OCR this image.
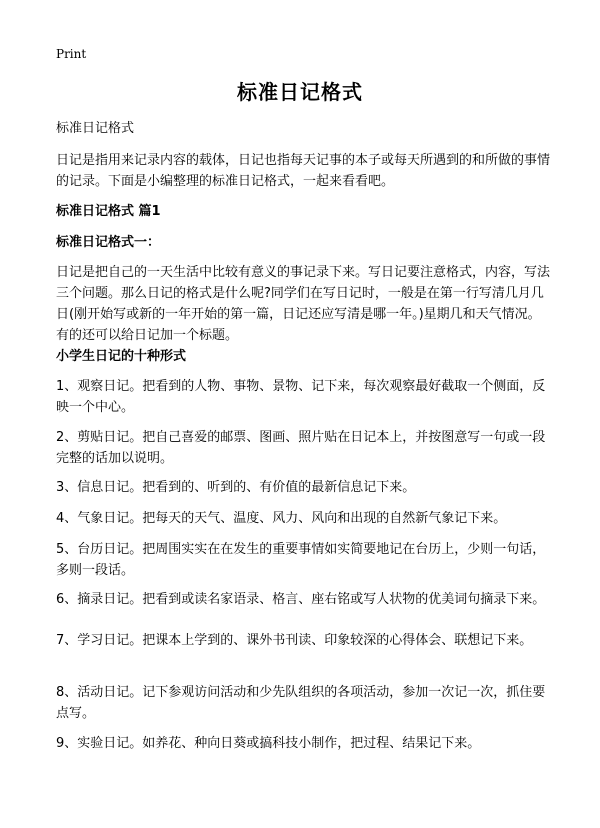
Print
标准日记格式

标准日记格式

日记是指用来记录内容的载体，日记也指每天记事的本子或每天所遇到的和所做的事情的记录。下面是小编整理的标准日记格式，一起来看看吧。

标准日记格式 篇1

标准日记格式一：

日记是把自己的一天生活中比较有意义的事记录下来。写日记要注意格式，内容，写法三个问题。那么日记的格式是什么呢?同学们在写日记时，一般是在第一行写清几月几日(刚开始写或新的一年开始的第一篇，日记还应写清是哪一年。)星期几和天气情况。有的还可以给日记加一个标题。

小学生日记的十种形式

1、观察日记。把看到的人物、事物、景物、记下来，每次观察最好截取一个侧面，反映一个中心。

2、剪贴日记。把自己喜爱的邮票、图画、照片贴在日记本上，并按图意写一句或一段完整的话加以说明。

3、信息日记。把看到的、听到的、有价值的最新信息记下来。

4、气象日记。把每天的天气、温度、风力、风向和出现的自然新气象记下来。

5、台历日记。把周围实实在在发生的重要事情如实简要地记在台历上，少则一句话，多则一段话。

6、摘录日记。把看到或读名家语录、格言、座右铭或写人状物的优美词句摘录下来。

7、学习日记。把课本上学到的、课外书刊读、印象较深的心得体会、联想记下来。

8、活动日记。记下参观访问活动和少先队组织的各项活动，参加一次记一次，抓住要点写。

9、实验日记。如养花、种向日葵或搞科技小制作，把过程、结果记下来。
